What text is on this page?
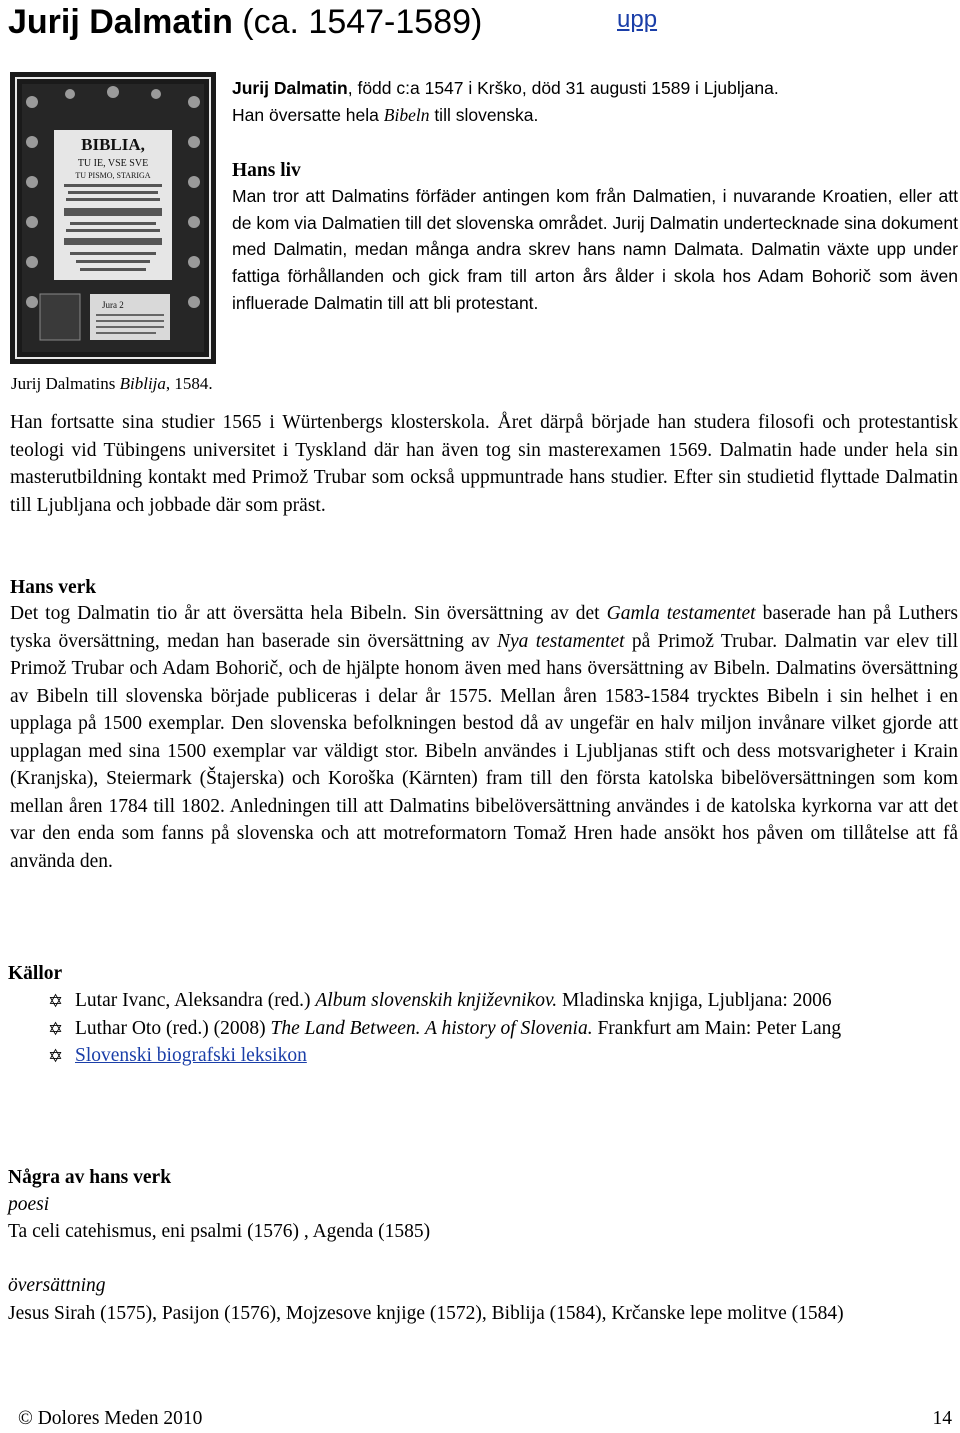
Jurij Dalmatin (ca. 1547-1589)	upp
BIBLIA,
TU IE, VSE SVE
TU PISMO, STARIGA
Jura 2
Jurij Dalmatins Biblija, 1584.

Jurij Dalmatin, född c:a 1547 i Krško, död 31 augusti 1589 i Ljubljana.
Han översatte hela Bibeln till slovenska.

Hans liv

Man tror att Dalmatins förfäder antingen kom från Dalmatien, i nuvarande Kroatien, eller att de kom via Dalmatien till det slovenska området. Jurij Dalmatin undertecknade sina dokument med Dalmatin, medan många andra skrev hans namn Dalmata. Dalmatin växte upp under fattiga förhållanden och gick fram till arton års ålder i skola hos Adam Bohorič som även influerade Dalmatin till att bli protestant.

Han fortsatte sina studier 1565 i Würtenbergs klosterskola. Året därpå började han studera filosofi och protestantisk teologi vid Tübingens universitet i Tyskland där han även tog sin masterexamen 1569. Dalmatin hade under hela sin masterutbildning kontakt med Primož Trubar som också uppmuntrade hans studier. Efter sin studietid flyttade Dalmatin till Ljubljana och jobbade där som präst.

Hans verk

Det tog Dalmatin tio år att översätta hela Bibeln. Sin översättning av det Gamla testamentet baserade han på Luthers tyska översättning, medan han baserade sin översättning av Nya testamentet på Primož Trubar. Dalmatin var elev till Primož Trubar och Adam Bohorič, och de hjälpte honom även med hans översättning av Bibeln. Dalmatins översättning av Bibeln till slovenska började publiceras i delar år 1575. Mellan åren 1583-1584 trycktes Bibeln i sin helhet i en upplaga på 1500 exemplar. Den slovenska befolkningen bestod då av ungefär en halv miljon invånare vilket gjorde att upplagan med sina 1500 exemplar var väldigt stor. Bibeln användes i Ljubljanas stift och dess motsvarigheter i Krain (Kranjska), Steiermark (Štajerska) och Koroška (Kärnten) fram till den första katolska bibelöversättningen som kom mellan åren 1784 till 1802. Anledningen till att Dalmatins bibelöversättning användes i de katolska kyrkorna var att det var den enda som fanns på slovenska och att motreformatorn Tomaž Hren hade ansökt hos påven om tillåtelse att få använda den.

Källor
✡ Lutar Ivanc, Aleksandra (red.) Album slovenskih književnikov. Mladinska knjiga, Ljubljana: 2006
✡ Luthar Oto (red.) (2008) The Land Between. A history of Slovenia. Frankfurt am Main: Peter Lang
✡ Slovenski biografski leksikon
Några av hans verk

poesi

Ta celi catehismus, eni psalmi (1576) , Agenda (1585)

översättning

Jesus Sirah (1575), Pasijon (1576), Mojzesove knjige (1572), Biblija (1584), Krčanske lepe molitve (1584)

© Dolores Meden 2010	14
